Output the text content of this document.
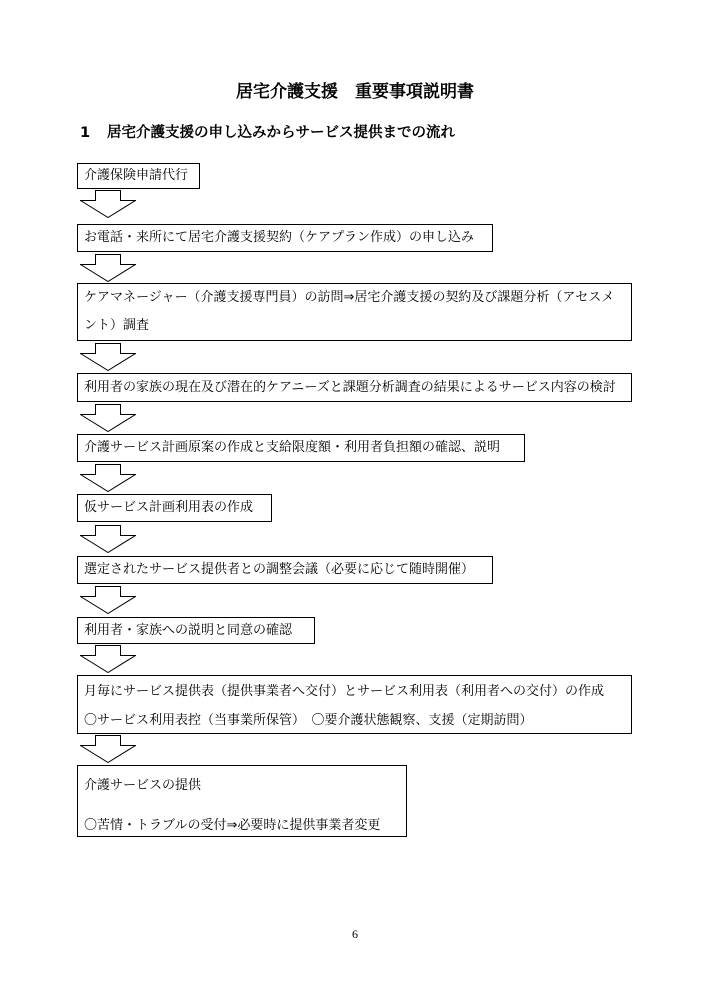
居宅介護支援　重要事項説明書
1 居宅介護支援の申し込みからサービス提供までの流れ
介護保険申請代行
お電話・来所にて居宅介護支援契約（ケアプラン作成）の申し込み
ケアマネージャー（介護支援専門員）の訪問⇒居宅介護支援の契約及び課題分析（アセスメ
ント）調査
利用者の家族の現在及び潜在的ケアニーズと課題分析調査の結果によるサービス内容の検討
介護サービス計画原案の作成と支給限度額・利用者負担額の確認、説明
仮サービス計画利用表の作成
選定されたサービス提供者との調整会議（必要に応じて随時開催）
利用者・家族への説明と同意の確認
月毎にサービス提供表（提供事業者へ交付）とサービス利用表（利用者への交付）の作成
〇サービス利用表控（当事業所保管）　〇要介護状態観察、支援（定期訪問）
介護サービスの提供
〇苦情・トラブルの受付⇒必要時に提供事業者変更
6
